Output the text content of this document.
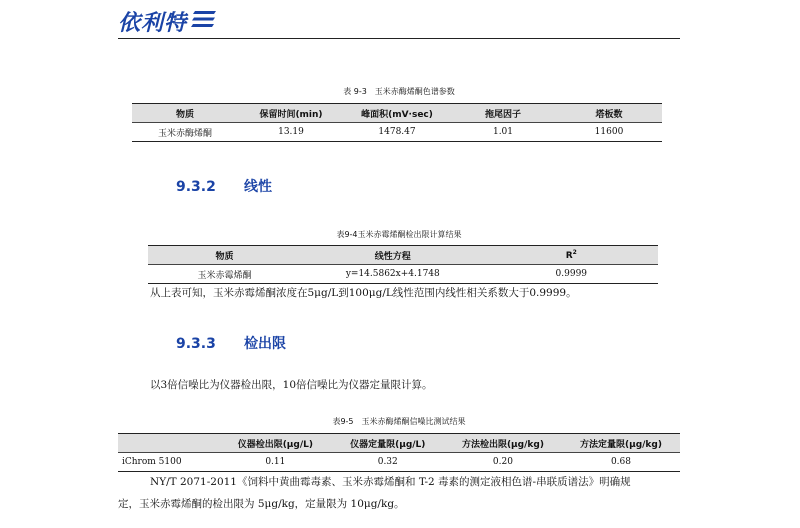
依利特
表 9-3　玉米赤酶烯酮色谱参数
物质	保留时间(min)	峰面积(mV·sec)	拖尾因子	塔板数
玉米赤酶烯酮	13.19	1478.47	1.01	11600
9.3.2 线性
表9-4玉米赤霉烯酮检出限计算结果
物质	线性方程	$R^2$
玉米赤霉烯酮	y=14.5862x+4.1748	0.9999
从上表可知，玉米赤霉烯酮浓度在5μg/L到100μg/L线性范围内线性相关系数大于0.9999。
9.3.3 检出限
以3倍信噪比为仪器检出限，10倍信噪比为仪器定量限计算。
表9-5　玉米赤酶烯酮信噪比测试结果
	仪器检出限(μg/L)	仪器定量限(μg/L)	方法检出限(μg/kg)	方法定量限(μg/kg)
iChrom 5100	0.11	0.32	0.20	0.68
NY/T 2071-2011《饲料中黄曲霉毒素、玉米赤霉烯酮和 T-2 毒素的测定液相色谱-串联质谱法》明确规
定，玉米赤霉烯酮的检出限为 5μg/kg，定量限为 10μg/kg。
